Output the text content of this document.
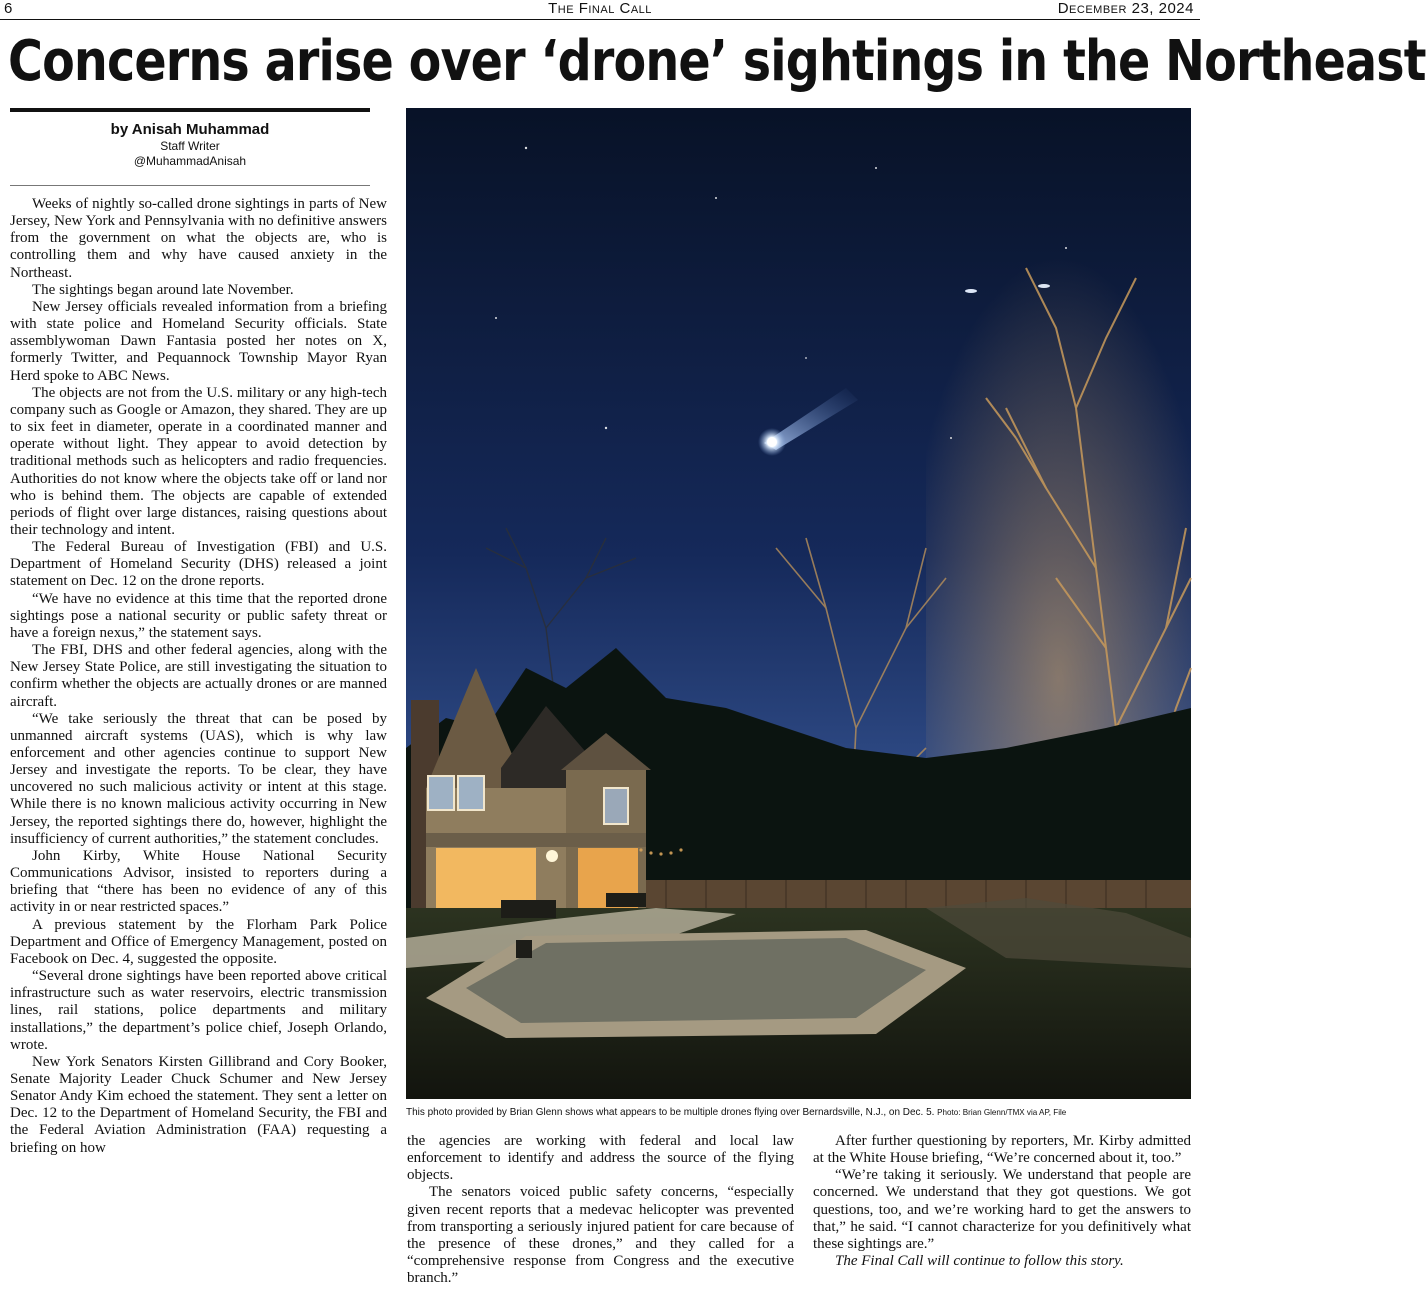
6	The Final Call	December 23, 2024
Concerns arise over ‘drone’ sightings in the Northeast
by Anisah Muhammad
Staff Writer
@MuhammadAnisah

Weeks of nightly so-called drone sightings in parts of New Jersey, New York and Pennsylvania with no definitive answers from the government on what the objects are, who is controlling them and why have caused anxiety in the Northeast.

The sightings began around late November.

New Jersey officials revealed information from a briefing with state police and Homeland Security officials. State assemblywoman Dawn Fantasia posted her notes on X, formerly Twitter, and Pequannock Township Mayor Ryan Herd spoke to ABC News.

The objects are not from the U.S. military or any high-tech company such as Google or Amazon, they shared. They are up to six feet in diameter, operate in a coordinated manner and operate without light. They appear to avoid detection by traditional methods such as helicopters and radio frequencies. Authorities do not know where the objects take off or land nor who is behind them. The objects are capable of extended periods of flight over large distances, raising questions about their technology and intent.

The Federal Bureau of Investigation (FBI) and U.S. Department of Homeland Security (DHS) released a joint statement on Dec. 12 on the drone reports.

“We have no evidence at this time that the reported drone sightings pose a national security or public safety threat or have a foreign nexus,” the statement says.

The FBI, DHS and other federal agencies, along with the New Jersey State Police, are still investigating the situation to confirm whether the objects are actually drones or are manned aircraft.

“We take seriously the threat that can be posed by unmanned aircraft systems (UAS), which is why law enforcement and other agencies continue to support New Jersey and investigate the reports. To be clear, they have uncovered no such malicious activity or intent at this stage. While there is no known malicious activity occurring in New Jersey, the reported sightings there do, however, highlight the insufficiency of current authorities,” the statement concludes.

John Kirby, White House National Security Communications Advisor, insisted to reporters during a briefing that “there has been no evidence of any of this activity in or near restricted spaces.”

A previous statement by the Florham Park Police Department and Office of Emergency Management, posted on Facebook on Dec. 4, suggested the opposite.

“Several drone sightings have been reported above critical infrastructure such as water reservoirs, electric transmission lines, rail stations, police departments and military installations,” the department’s police chief, Joseph Orlando, wrote.

New York Senators Kirsten Gillibrand and Cory Booker, Senate Majority Leader Chuck Schumer and New Jersey Senator Andy Kim echoed the statement. They sent a letter on Dec. 12 to the Department of Homeland Security, the FBI and the Federal Aviation Administration (FAA) requesting a briefing on how

This photo provided by Brian Glenn shows what appears to be multiple drones flying over Bernardsville, N.J., on Dec. 5. Photo: Brian Glenn/TMX via AP, File

the agencies are working with federal and local law enforcement to identify and address the source of the flying objects.

The senators voiced public safety concerns, “especially given recent reports that a medevac helicopter was prevented from transporting a seriously injured patient for care because of the presence of these drones,” and they called for a “comprehensive response from Congress and the executive branch.”

After further questioning by reporters, Mr. Kirby admitted at the White House briefing, “We’re concerned about it, too.”

“We’re taking it seriously. We understand that people are concerned. We understand that they got questions. We got questions, too, and we’re working hard to get the answers to that,” he said. “I cannot characterize for you definitively what these sightings are.”

The Final Call will continue to follow this story.
